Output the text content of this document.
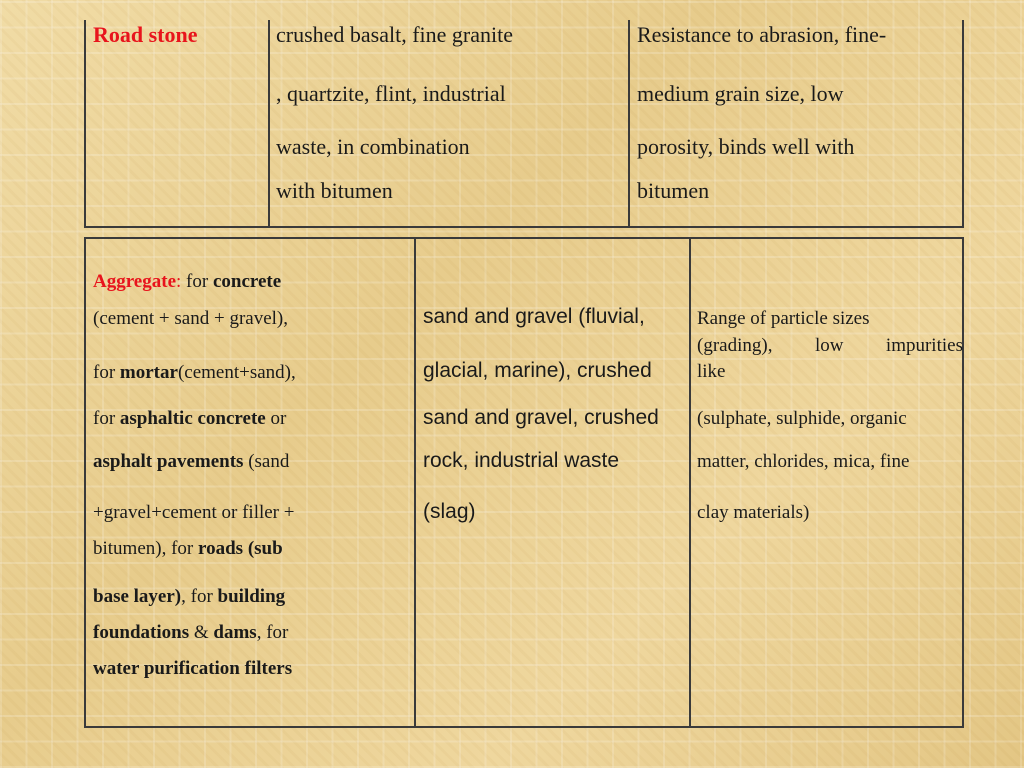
Road stone	crushed basalt, fine granite
, quartzite, flint, industrial
waste, in combination
with bitumen
Resistance to abrasion, fine-
medium grain size, low
porosity, binds well with
bitumen
Aggregate: for concrete
(cement + sand + gravel),
for mortar(cement+sand),
for asphaltic concrete or
asphalt pavements (sand
+gravel+cement or filler +
bitumen), for roads (sub
base layer), for building
foundations & dams, for
water purification filters
sand and gravel (fluvial,
glacial, marine), crushed
sand and gravel, crushed
rock, industrial waste
(slag)
Range of particle sizes
(grading), low impurities
like
(sulphate, sulphide, organic
matter, chlorides, mica, fine
clay materials)
